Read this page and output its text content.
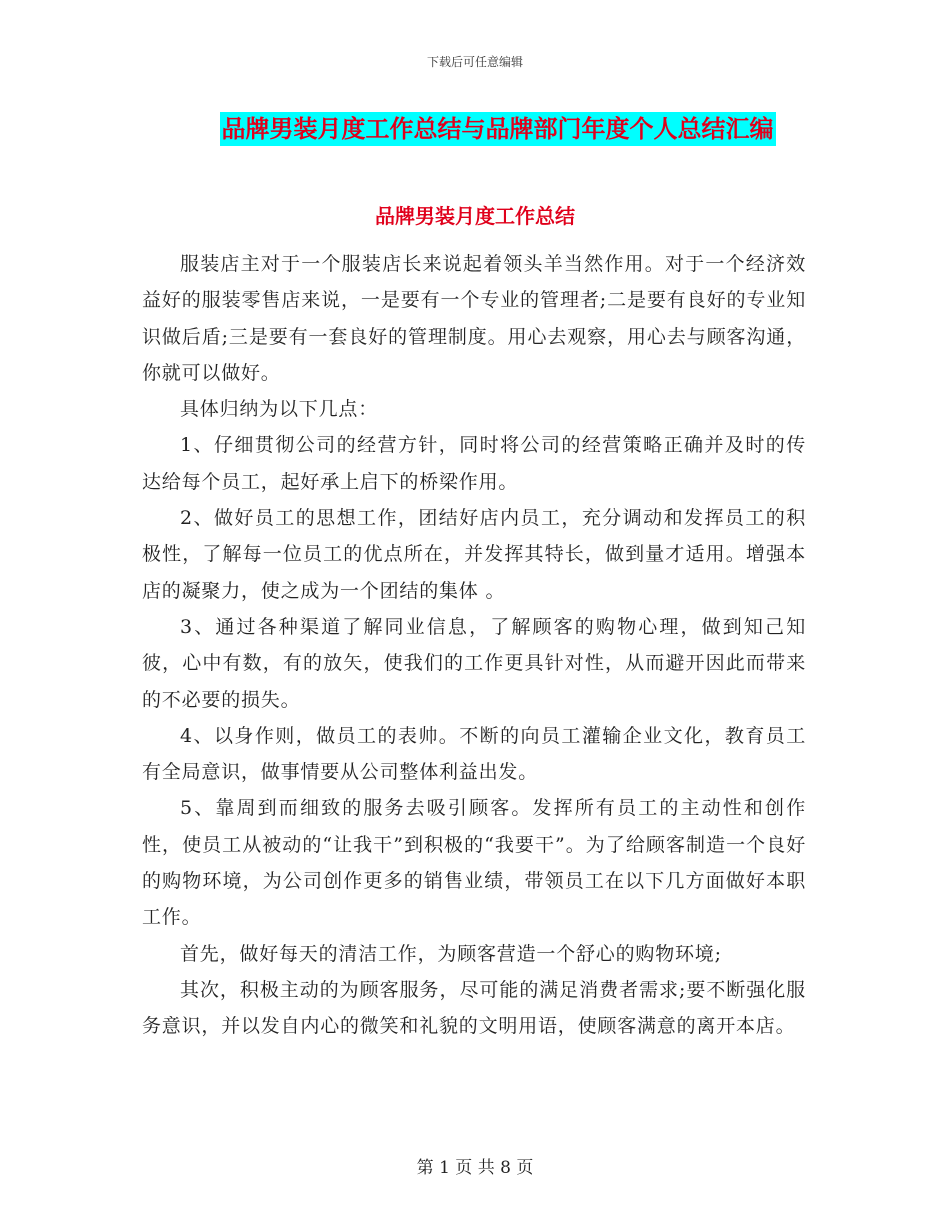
下载后可任意编辑
品牌男装月度工作总结与品牌部门年度个人总结汇编
品牌男装月度工作总结

服装店主对于一个服装店长来说起着领头羊当然作用。对于一个经济效益好的服装零售店来说，一是要有一个专业的管理者;二是要有良好的专业知识做后盾;三是要有一套良好的管理制度。用心去观察，用心去与顾客沟通，你就可以做好。

具体归纳为以下几点：

1、仔细贯彻公司的经营方针，同时将公司的经营策略正确并及时的传达给每个员工，起好承上启下的桥梁作用。

2、做好员工的思想工作，团结好店内员工，充分调动和发挥员工的积极性，了解每一位员工的优点所在，并发挥其特长，做到量才适用。增强本店的凝聚力，使之成为一个团结的集体 。

3、通过各种渠道了解同业信息，了解顾客的购物心理，做到知己知彼，心中有数，有的放矢，使我们的工作更具针对性，从而避开因此而带来的不必要的损失。

4、以身作则，做员工的表帅。不断的向员工灌输企业文化，教育员工有全局意识，做事情要从公司整体利益出发。

5、靠周到而细致的服务去吸引顾客。发挥所有员工的主动性和创作性，使员工从被动的“让我干”到积极的“我要干”。为了给顾客制造一个良好的购物环境，为公司创作更多的销售业绩，带领员工在以下几方面做好本职工作。

首先，做好每天的清洁工作，为顾客营造一个舒心的购物环境;

其次，积极主动的为顾客服务，尽可能的满足消费者需求;要不断强化服务意识，并以发自内心的微笑和礼貌的文明用语，使顾客满意的离开本店。

第 1 页 共 8 页
